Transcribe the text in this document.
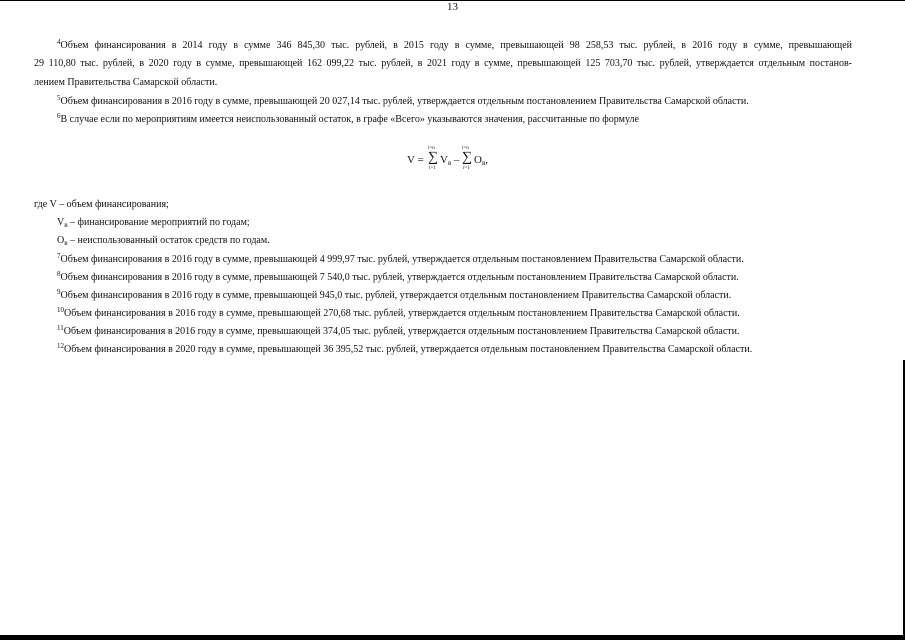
13
$^4$Объем финансирования в 2014 году в сумме 346 845,30 тыс. рублей, в 2015 году в сумме, превышающей 98 258,53 тыс. рублей, в 2016 году в сумме, превышающей
29 110,80 тыс. рублей, в 2020 году в сумме, превышающей 162 099,22 тыс. рублей, в 2021 году в сумме, превышающей 125 703,70 тыс. рублей, утверждается отдельным постанов-
лением Правительства Самарской области.
$^5$Объем финансирования в 2016 году в сумме, превышающей 20 027,14 тыс. рублей, утверждается отдельным постановлением Правительства Самарской области.
$^6$В случае если по мероприятиям имеется неиспользованный остаток, в графе «Всего» указываются значения, рассчитанные по формуле
V =
i=n
∑
i=1
$V_в$ –
i=n
∑
i=1
$O_в$,
где V – объем финансирования;
$V_в$ – финансирование мероприятий по годам;
$O_в$ – неиспользованный остаток средств по годам.
$^7$Объем финансирования в 2016 году в сумме, превышающей 4 999,97 тыс. рублей, утверждается отдельным постановлением Правительства Самарской области.
$^8$Объем финансирования в 2016 году в сумме, превышающей 7 540,0 тыс. рублей, утверждается отдельным постановлением Правительства Самарской области.
$^9$Объем финансирования в 2016 году в сумме, превышающей 945,0 тыс. рублей, утверждается отдельным постановлением Правительства Самарской области.
$^{10}$Объем финансирования в 2016 году в сумме, превышающей 270,68 тыс. рублей, утверждается отдельным постановлением Правительства Самарской области.
$^{11}$Объем финансирования в 2016 году в сумме, превышающей 374,05 тыс. рублей, утверждается отдельным постановлением Правительства Самарской области.
$^{12}$Объем финансирования в 2020 году в сумме, превышающей 36 395,52 тыс. рублей, утверждается отдельным постановлением Правительства Самарской области.
